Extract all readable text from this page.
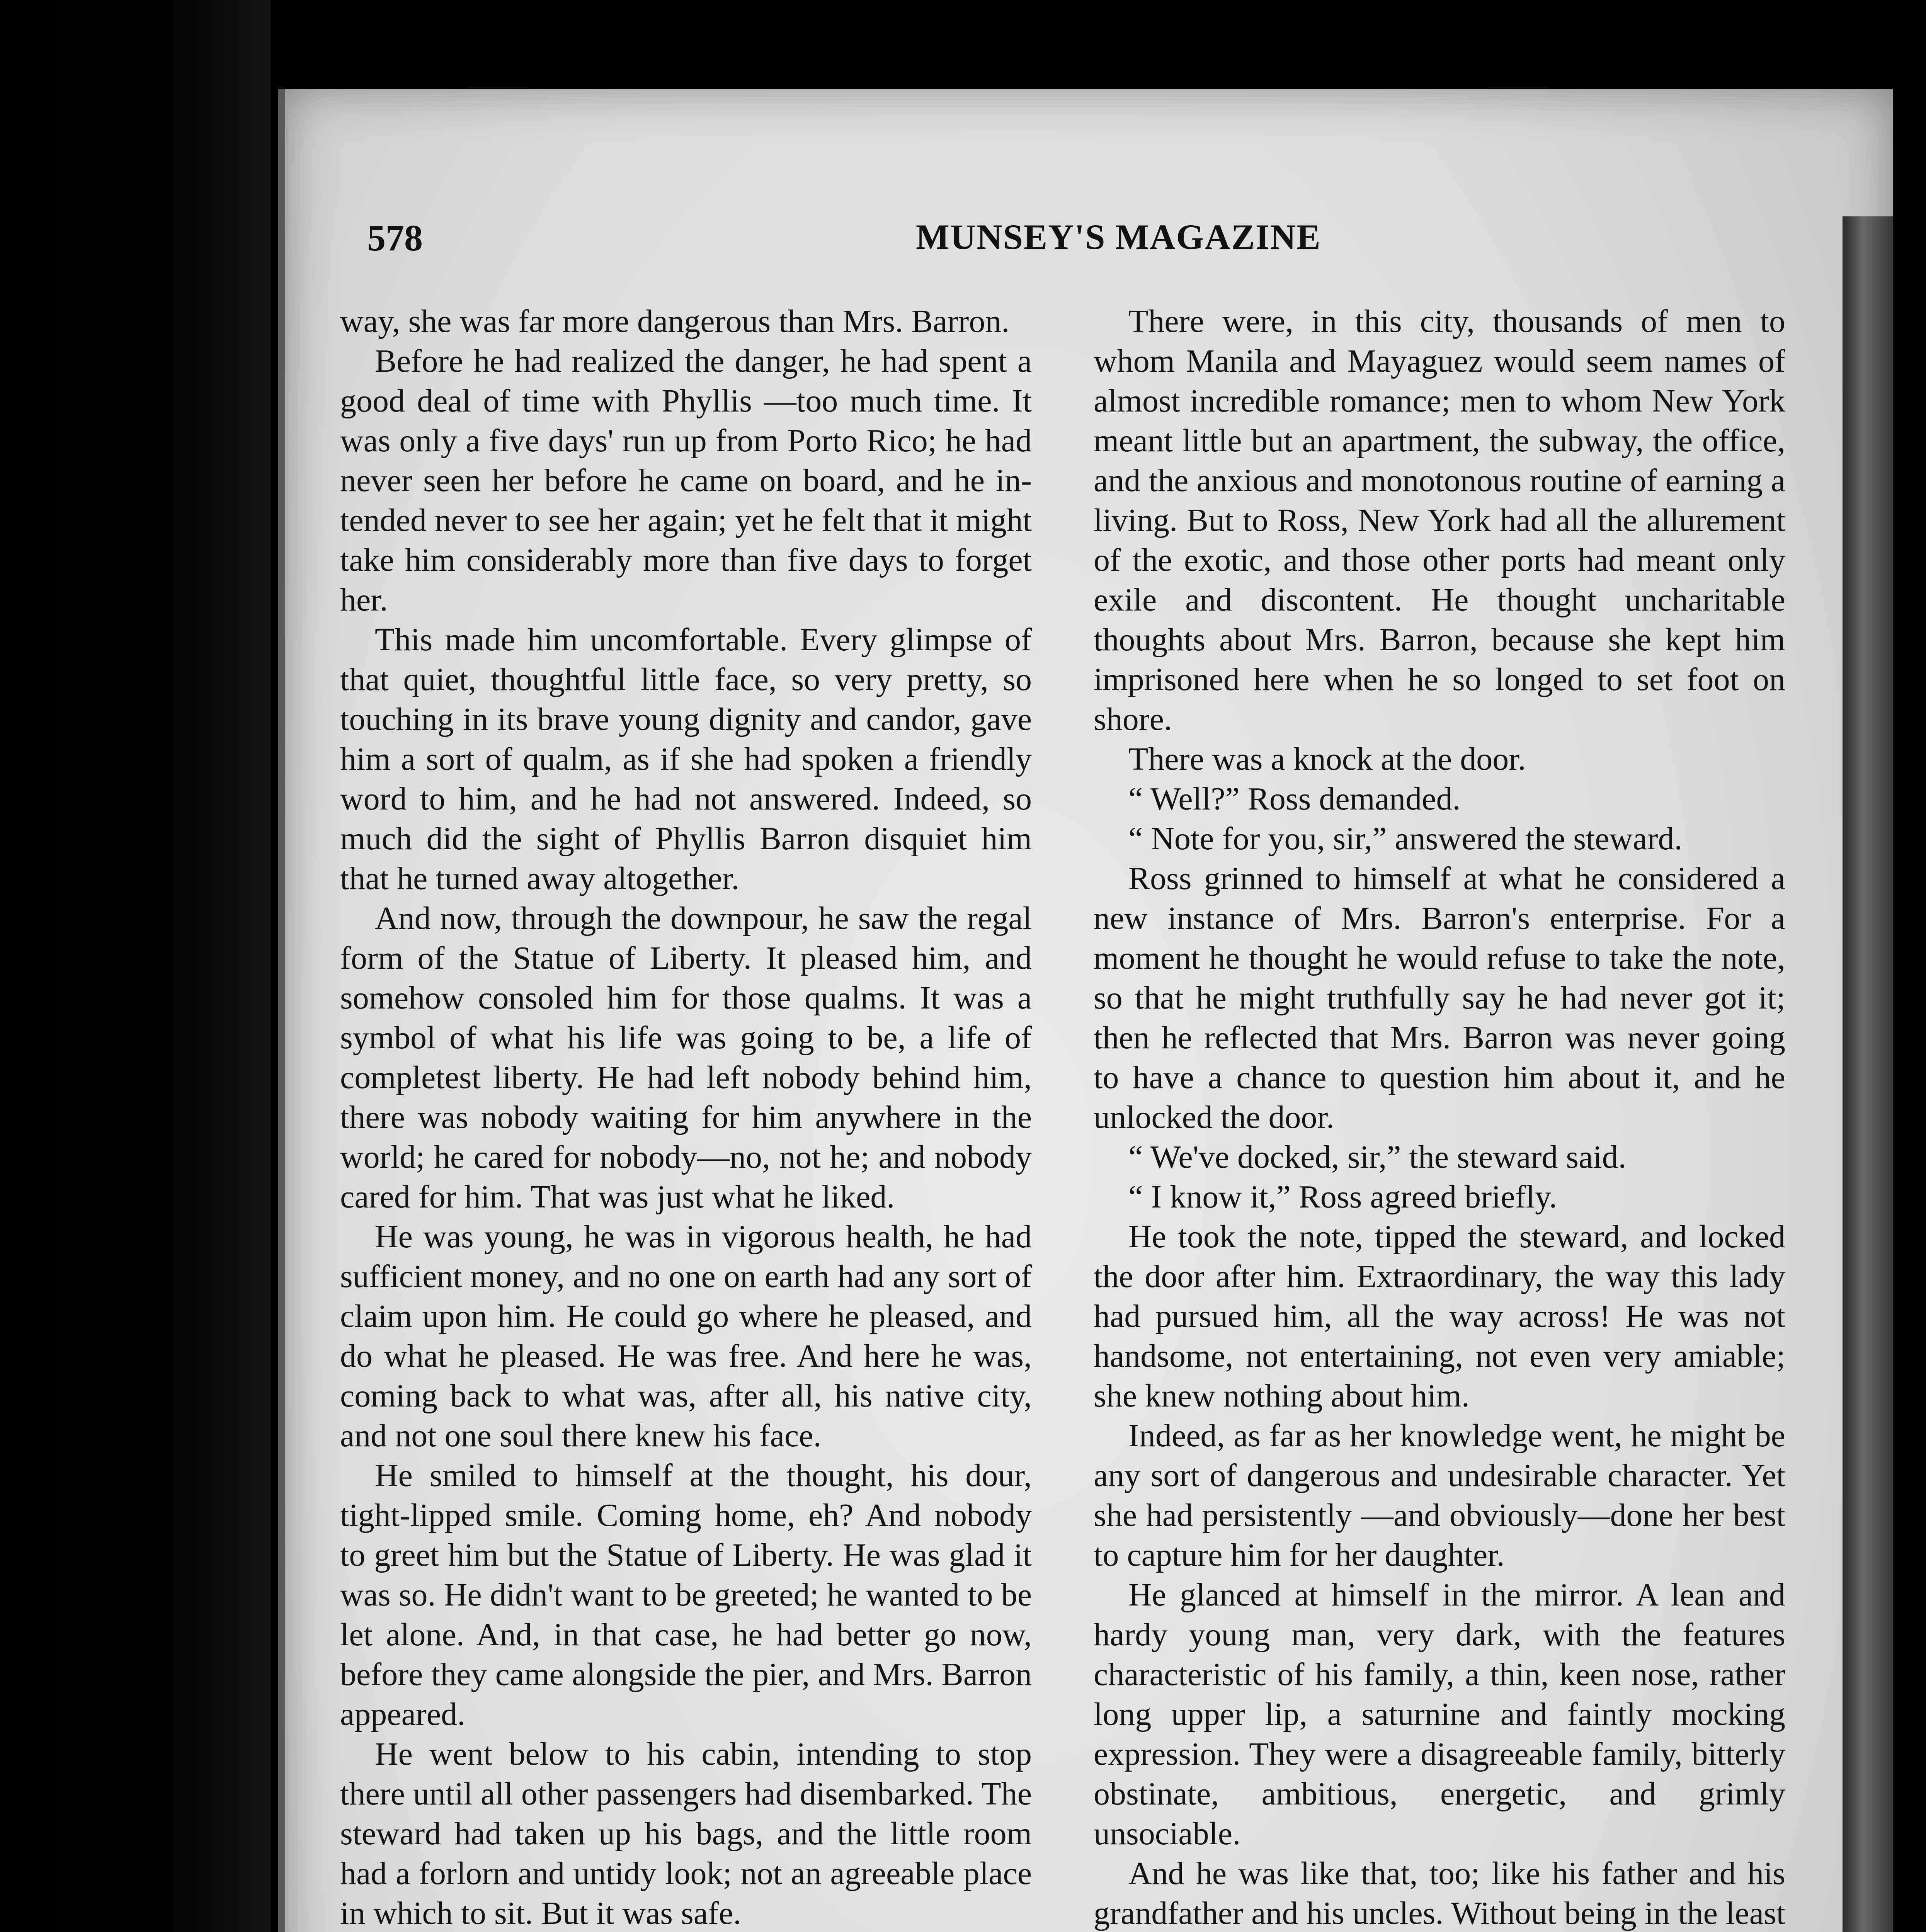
578	MUNSEY'S MAGAZINE

way, she was far more dangerous than Mrs. Barron.

Before he had realized the danger, he had spent a good deal of time with Phyllis —too much time. It was only a five days' run up from Porto Rico; he had never seen her before he came on board, and he intended never to see her again; yet he felt that it might take him considerably more than five days to forget her.

This made him uncomfortable. Every glimpse of that quiet, thoughtful little face, so very pretty, so touching in its brave young dignity and candor, gave him a sort of qualm, as if she had spoken a friendly word to him, and he had not answered. Indeed, so much did the sight of Phyllis Barron disquiet him that he turned away altogether.

And now, through the downpour, he saw the regal form of the Statue of Liberty. It pleased him, and somehow consoled him for those qualms. It was a symbol of what his life was going to be, a life of completest liberty. He had left nobody behind him, there was nobody waiting for him anywhere in the world; he cared for nobody—no, not he; and nobody cared for him. That was just what he liked.

He was young, he was in vigorous health, he had sufficient money, and no one on earth had any sort of claim upon him. He could go where he pleased, and do what he pleased. He was free. And here he was, coming back to what was, after all, his native city, and not one soul there knew his face.

He smiled to himself at the thought, his dour, tight-lipped smile. Coming home, eh? And nobody to greet him but the Statue of Liberty. He was glad it was so. He didn't want to be greeted; he wanted to be let alone. And, in that case, he had better go now, before they came alongside the pier, and Mrs. Barron appeared.

He went below to his cabin, intending to stop there until all other passengers had disembarked. The steward had taken up his bags, and the little room had a forlorn and untidy look; not an agreeable place in which to sit. But it was safe.

There were, in this city, thousands of men to whom Manila and Mayaguez would seem names of almost incredible romance; men to whom New York meant little but an apartment, the subway, the office, and the anxious and monotonous routine of earning a living. But to Ross, New York had all the allurement of the exotic, and those other ports had meant only exile and discontent. He thought uncharitable thoughts about Mrs. Barron, because she kept him imprisoned here when he so longed to set foot on shore.

There was a knock at the door.

“ Well?” Ross demanded.

“ Note for you, sir,” answered the steward.

Ross grinned to himself at what he considered a new instance of Mrs. Barron's enterprise. For a moment he thought he would refuse to take the note, so that he might truthfully say he had never got it; then he reflected that Mrs. Barron was never going to have a chance to question him about it, and he unlocked the door.

“ We've docked, sir,” the steward said.

“ I know it,” Ross agreed briefly.

He took the note, tipped the steward, and locked the door after him. Extraordinary, the way this lady had pursued him, all the way across! He was not handsome, not entertaining, not even very amiable; she knew nothing about him.

Indeed, as far as her knowledge went, he might be any sort of dangerous and undesirable character. Yet she had persistently —and obviously—done her best to capture him for her daughter.

He glanced at himself in the mirror. A lean and hardy young man, very dark, with the features characteristic of his family, a thin, keen nose, rather long upper lip, a saturnine and faintly mocking expression. They were a disagreeable family, bitterly obstinate, ambitious, energetic, and grimly unsociable.

And he was like that, too; like his father and his grandfather and his uncles. Without being in the least
